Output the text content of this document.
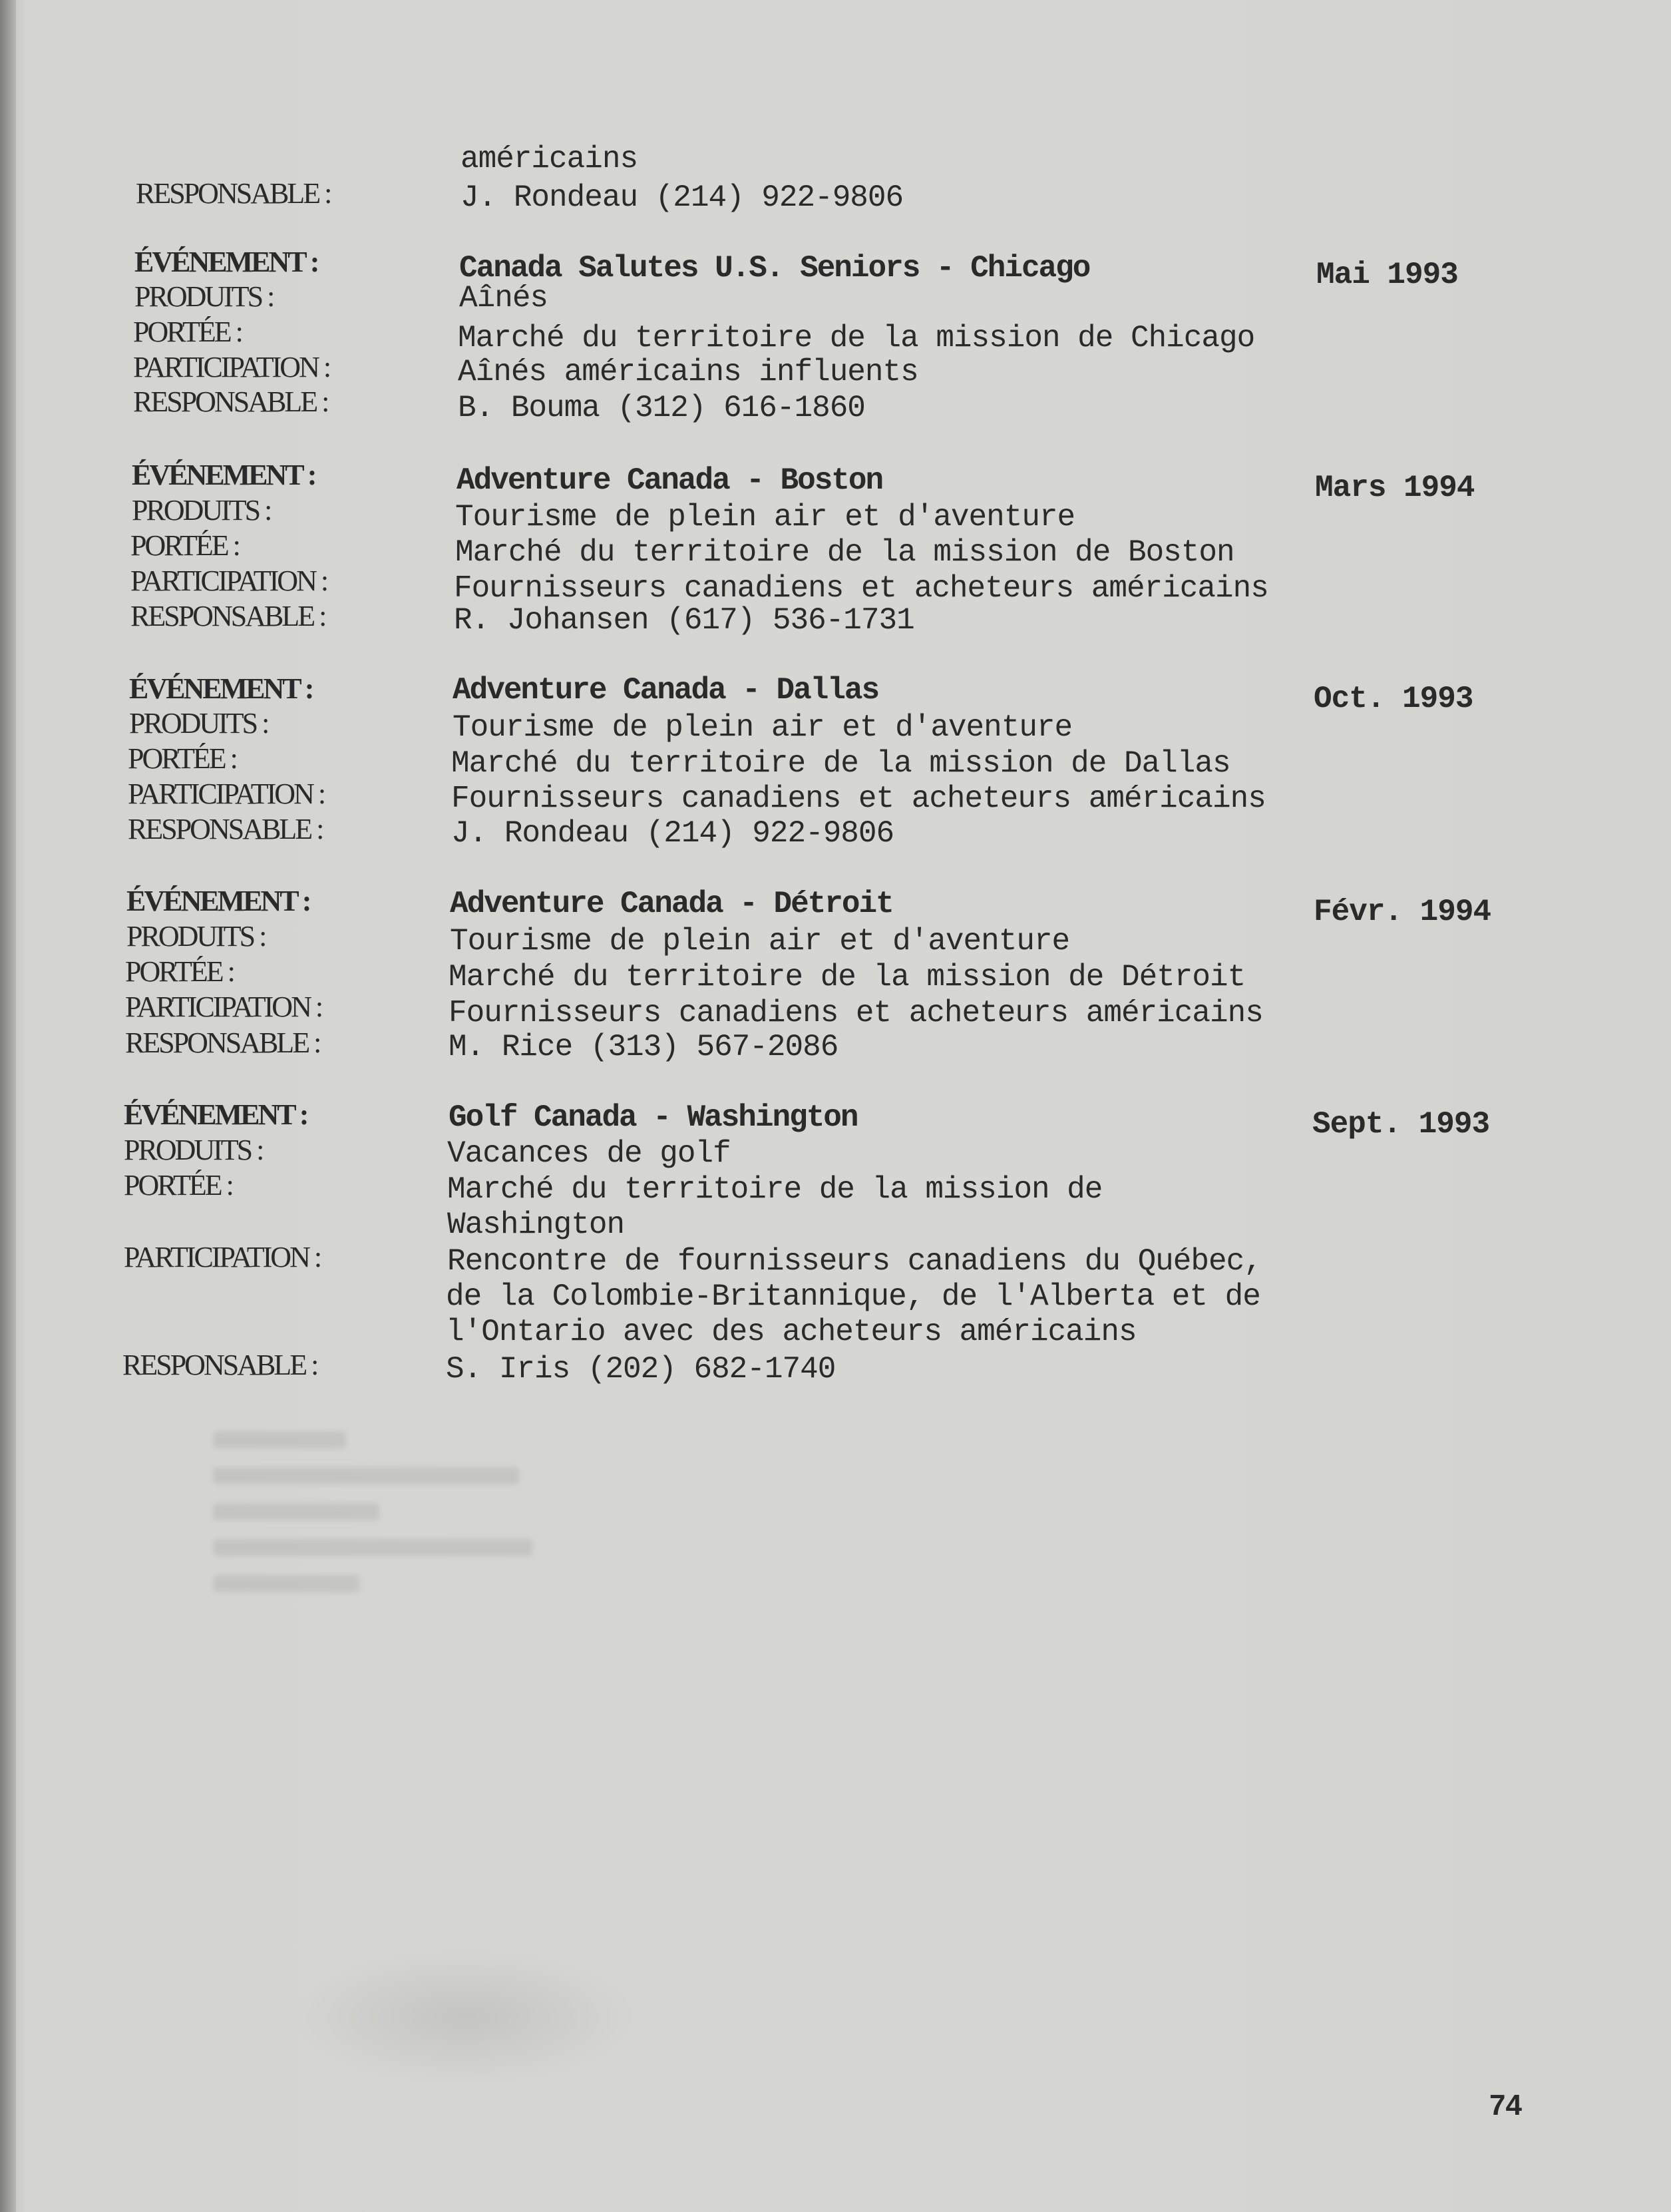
américains
RESPONSABLE :	J. Rondeau (214) 922-9806
ÉVÉNEMENT :	Canada Salutes U.S. Seniors - Chicago	Mai 1993
PRODUITS :	Aînés
PORTÉE :	Marché du territoire de la mission de Chicago
PARTICIPATION :	Aînés américains influents
RESPONSABLE :	B. Bouma (312) 616-1860
ÉVÉNEMENT :	Adventure Canada - Boston	Mars 1994
PRODUITS :	Tourisme de plein air et d'aventure
PORTÉE :	Marché du territoire de la mission de Boston
PARTICIPATION :	Fournisseurs canadiens et acheteurs américains
RESPONSABLE :	R. Johansen (617) 536-1731
ÉVÉNEMENT :	Adventure Canada - Dallas	Oct. 1993
PRODUITS :	Tourisme de plein air et d'aventure
PORTÉE :	Marché du territoire de la mission de Dallas
PARTICIPATION :	Fournisseurs canadiens et acheteurs américains
RESPONSABLE :	J. Rondeau (214) 922-9806
ÉVÉNEMENT :	Adventure Canada - Détroit	Févr. 1994
PRODUITS :	Tourisme de plein air et d'aventure
PORTÉE :	Marché du territoire de la mission de Détroit
PARTICIPATION :	Fournisseurs canadiens et acheteurs américains
RESPONSABLE :	M. Rice (313) 567-2086
ÉVÉNEMENT :	Golf Canada - Washington	Sept. 1993
PRODUITS :	Vacances de golf
PORTÉE :	Marché du territoire de la mission de
Washington
PARTICIPATION :	Rencontre de fournisseurs canadiens du Québec,
de la Colombie-Britannique, de l'Alberta et de
l'Ontario avec des acheteurs américains
RESPONSABLE :	S. Iris (202) 682-1740
74
